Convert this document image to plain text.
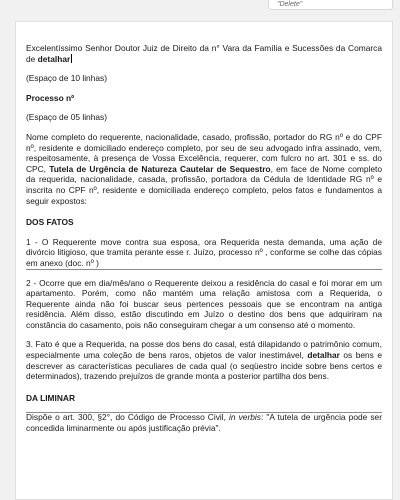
"Delete"

Excelentíssimo Senhor Doutor Juiz de Direito da n° Vara da Família e Sucessões da Comarca de detalhar

(Espaço de 10 linhas)

Processo nº

(Espaço de 05 linhas)

Nome completo do requerente, nacionalidade, casado, profissão, portador do RG nº e do CPF nº, residente e domiciliado endereço completo, por seu de seu advogado infra assinado, vem, respeitosamente, à presença de Vossa Excelência, requerer, com fulcro no art. 301 e ss. do CPC, Tutela de Urgência de Natureza Cautelar de Sequestro, em face de Nome completo da requerida, nacionalidade, casada, profissão, portadora da Cédula de Identidade RG nº e inscrita no CPF nº, residente e domiciliada endereço completo, pelos fatos e fundamentos a seguir expostos:

DOS FATOS

1 - O Requerente move contra sua esposa, ora Requerida nesta demanda, uma ação de divórcio litigioso, que tramita perante esse r. Juízo, processo nº , conforme se colhe das cópias em anexo (doc. nº )

2 - Ocorre que em dia/mês/ano o Requerente deixou a residência do casal e foi morar em um apartamento. Porém, como não mantém uma relação amistosa com a Requerida, o Requerente ainda não foi buscar seus pertences pessoais que se encontram na antiga residência. Além disso, estão discutindo em Juízo o destino dos bens que adquiriram na constância do casamento, pois não conseguiram chegar a um consenso até o momento.

3. Fato é que a Requerida, na posse dos bens do casal, está dilapidando o patrimônio comum, especialmente uma coleção de bens raros, objetos de valor inestimável, detalhar os bens e descrever as características peculiares de cada qual (o seqüestro incide sobre bens certos e determinados), trazendo prejuízos de grande monta a posterior partilha dos bens.

DA LIMINAR

Dispõe o art. 300, §2°, do Código de Processo Civil, in verbis: "A tutela de urgência pode ser concedida liminarmente ou após justificação prévia".
